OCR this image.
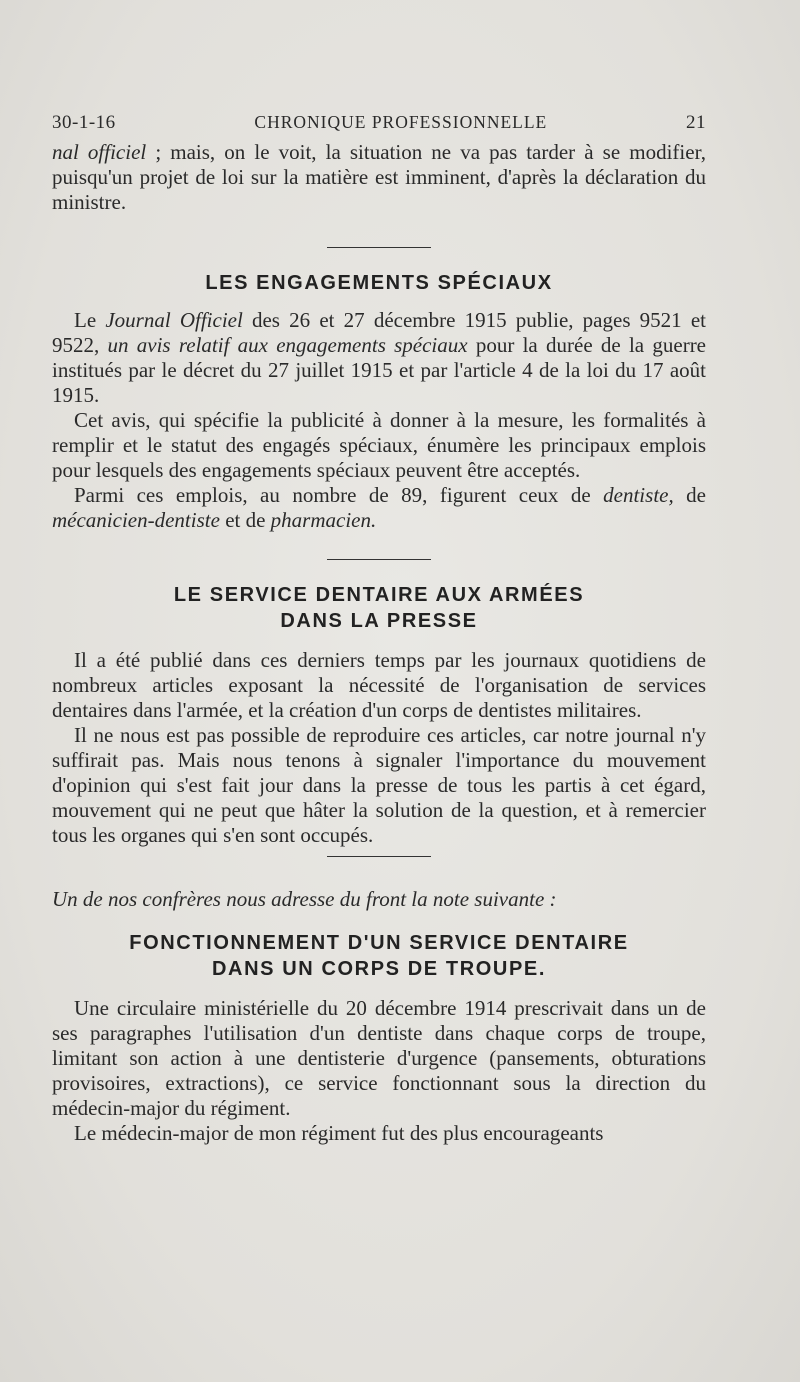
30-1-16	CHRONIQUE PROFESSIONNELLE	21

nal officiel ; mais, on le voit, la situation ne va pas tarder à se modifier, puisqu'un projet de loi sur la matière est imminent, d'après la déclaration du ministre.

LES ENGAGEMENTS SPÉCIAUX

Le Journal Officiel des 26 et 27 décembre 1915 publie, pages 9521 et 9522, un avis relatif aux engagements spéciaux pour la durée de la guerre institués par le décret du 27 juillet 1915 et par l'article 4 de la loi du 17 août 1915.

Cet avis, qui spécifie la publicité à donner à la mesure, les formalités à remplir et le statut des engagés spéciaux, énumère les principaux emplois pour lesquels des engagements spéciaux peuvent être acceptés.

Parmi ces emplois, au nombre de 89, figurent ceux de dentiste, de mécanicien-dentiste et de pharmacien.

LE SERVICE DENTAIRE AUX ARMÉES
DANS LA PRESSE

Il a été publié dans ces derniers temps par les journaux quotidiens de nombreux articles exposant la nécessité de l'organisation de services dentaires dans l'armée, et la création d'un corps de dentistes militaires.

Il ne nous est pas possible de reproduire ces articles, car notre journal n'y suffirait pas. Mais nous tenons à signaler l'importance du mouvement d'opinion qui s'est fait jour dans la presse de tous les partis à cet égard, mouvement qui ne peut que hâter la solution de la question, et à remercier tous les organes qui s'en sont occupés.

Un de nos confrères nous adresse du front la note suivante :

FONCTIONNEMENT D'UN SERVICE DENTAIRE
DANS UN CORPS DE TROUPE.

Une circulaire ministérielle du 20 décembre 1914 prescrivait dans un de ses paragraphes l'utilisation d'un dentiste dans chaque corps de troupe, limitant son action à une dentisterie d'urgence (pansements, obturations provisoires, extractions), ce service fonctionnant sous la direction du médecin-major du régiment.

Le médecin-major de mon régiment fut des plus encourageants
